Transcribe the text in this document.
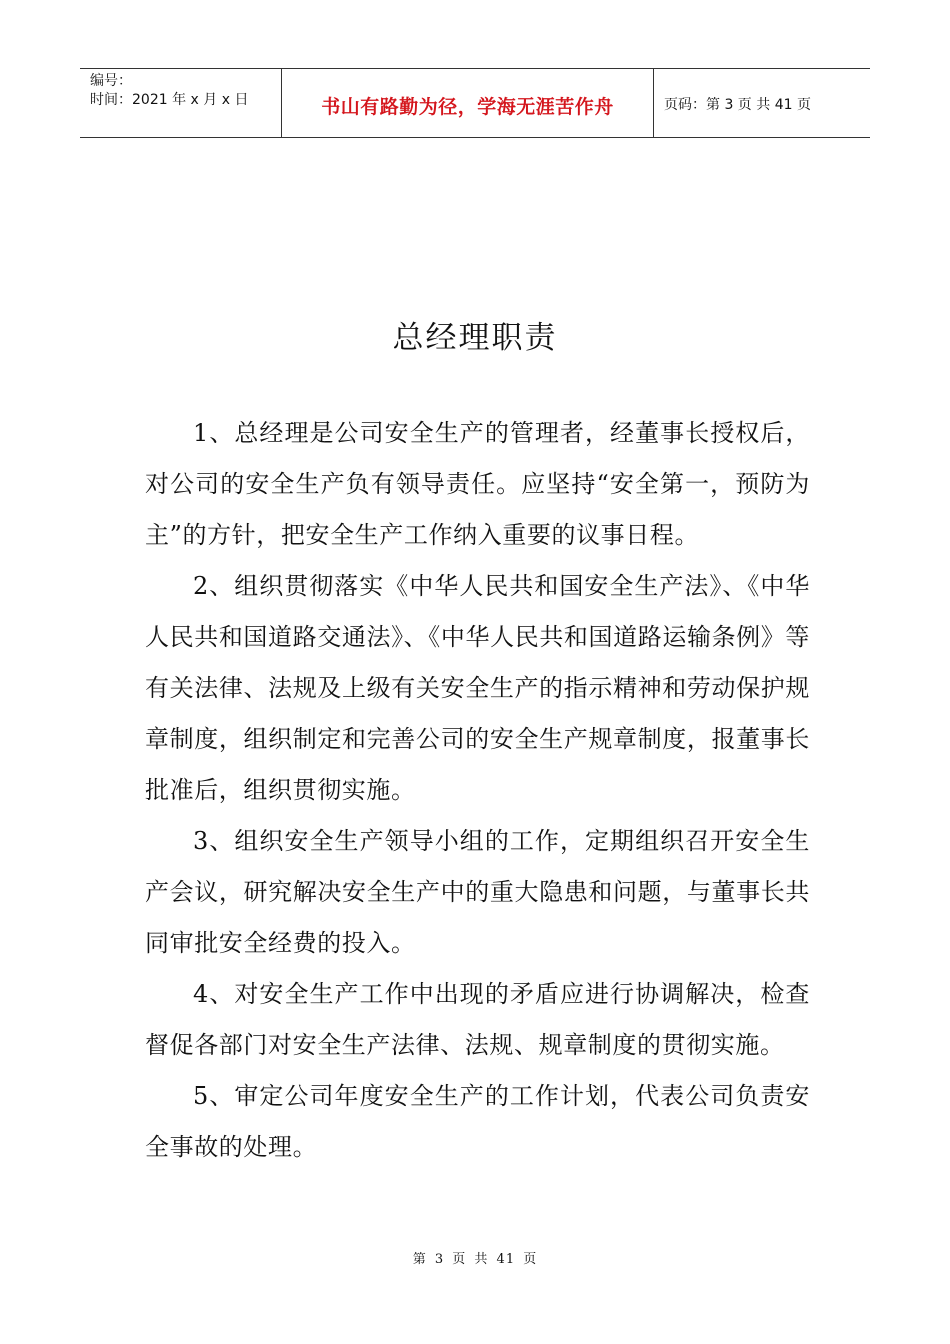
编号：
时间：2021 年 x 月 x 日	书山有路勤为径，学海无涯苦作舟	页码：第 3 页 共 41 页
总经理职责

1、总经理是公司安全生产的管理者，经董事长授权后，对公司的安全生产负有领导责任。应坚持“安全第一，预防为主”的方针，把安全生产工作纳入重要的议事日程。

2、组织贯彻落实《中华人民共和国安全生产法》、《中华人民共和国道路交通法》、《中华人民共和国道路运输条例》等有关法律、法规及上级有关安全生产的指示精神和劳动保护规章制度，组织制定和完善公司的安全生产规章制度，报董事长批准后，组织贯彻实施。

3、组织安全生产领导小组的工作，定期组织召开安全生产会议，研究解决安全生产中的重大隐患和问题，与董事长共同审批安全经费的投入。

4、对安全生产工作中出现的矛盾应进行协调解决，检查督促各部门对安全生产法律、法规、规章制度的贯彻实施。

5、审定公司年度安全生产的工作计划，代表公司负责安全事故的处理。

第 3 页 共 41 页
